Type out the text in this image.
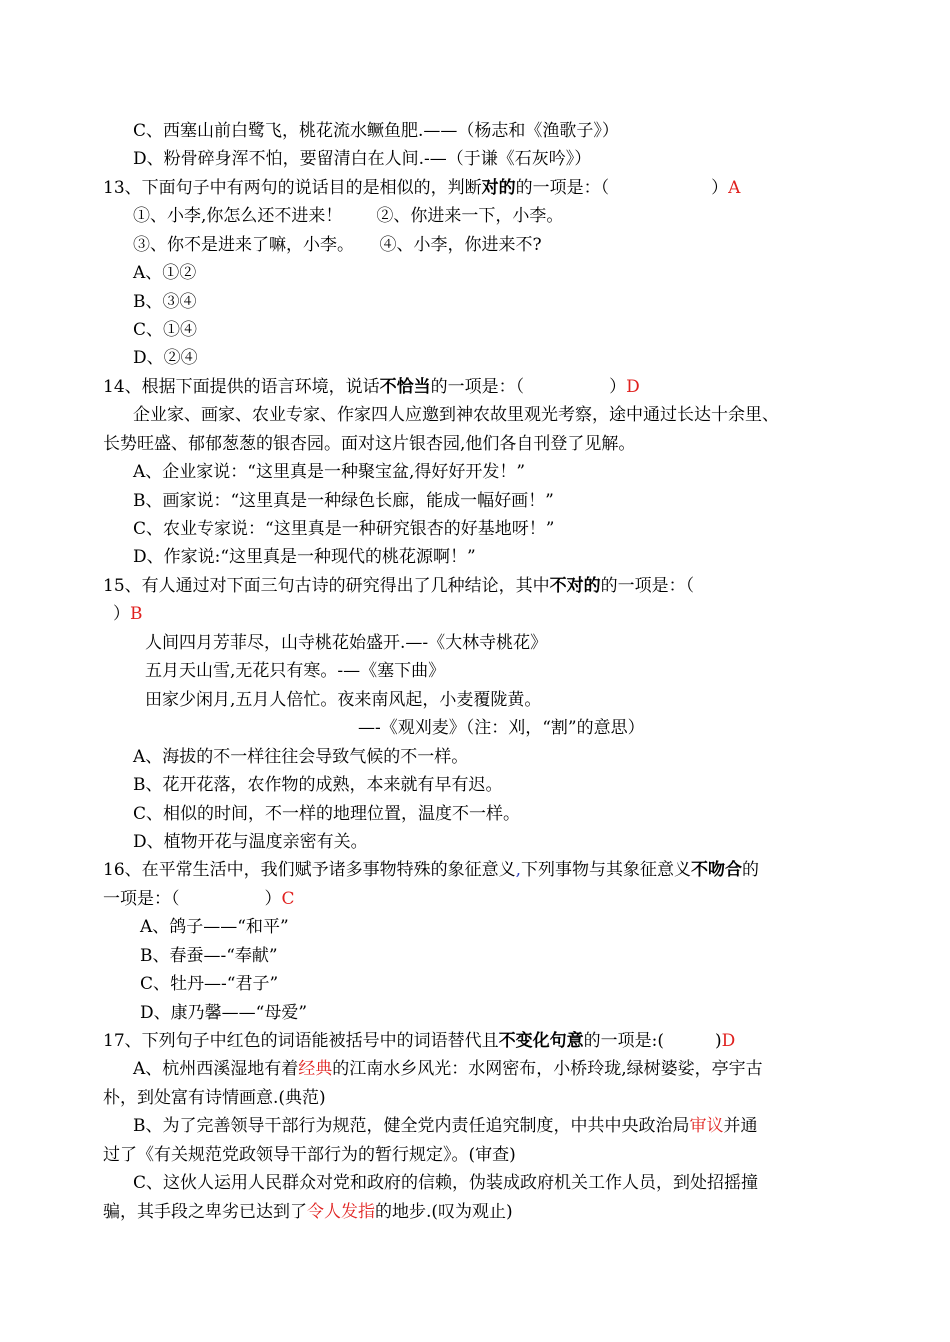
C、西塞山前白鹭飞，桃花流水鳜鱼肥.——（杨志和《渔歌子》）
D、粉骨碎身浑不怕，要留清白在人间.-—（于谦《石灰吟》）
13、下面句子中有两句的说话目的是相似的，判断对的的一项是：（　　　　　　）A
①、小李,你怎么还不进来！　　②、你进来一下，小李。
③、你不是进来了嘛，小李。　　④、小李，你进来不?
A、①②
B、③④
C、①④
D、②④
14、根据下面提供的语言环境，说话不恰当的一项是：（　　　　　）D
企业家、画家、农业专家、作家四人应邀到神农故里观光考察，途中通过长达十余里、
长势旺盛、郁郁葱葱的银杏园。面对这片银杏园,他们各自刊登了见解。
A、企业家说：“这里真是一种聚宝盆,得好好开发！”
B、画家说：“这里真是一种绿色长廊，能成一幅好画！”
C、农业专家说：“这里真是一种研究银杏的好基地呀！”
D、作家说:“这里真是一种现代的桃花源啊！”
15、有人通过对下面三句古诗的研究得出了几种结论，其中不对的的一项是：（
）B
人间四月芳菲尽，山寺桃花始盛开.—-《大林寺桃花》
五月天山雪,无花只有寒。-—《塞下曲》
田家少闲月,五月人倍忙。夜来南风起，小麦覆陇黄。
—-《观刈麦》（注：刈，“割”的意思）
A、海拔的不一样往往会导致气候的不一样。
B、花开花落，农作物的成熟，本来就有早有迟。
C、相似的时间，不一样的地理位置，温度不一样。
D、植物开花与温度亲密有关。
16、在平常生活中，我们赋予诸多事物特殊的象征意义,下列事物与其象征意义不吻合的
一项是：（　　　　　）C
A、鸽子——“和平”
B、春蚕—-“奉献”
C、牡丹—-“君子”
D、康乃馨——“母爱”
17、下列句子中红色的词语能被括号中的词语替代且不变化句意的一项是:(　　　)D
A、杭州西溪湿地有着经典的江南水乡风光：水网密布，小桥玲珑,绿树婆娑，亭宇古
朴，到处富有诗情画意.(典范)
B、为了完善领导干部行为规范，健全党内责任追究制度，中共中央政治局审议并通
过了《有关规范党政领导干部行为的暂行规定》。(审查)
C、这伙人运用人民群众对党和政府的信赖，伪装成政府机关工作人员，到处招摇撞
骗，其手段之卑劣已达到了令人发指的地步.(叹为观止)
